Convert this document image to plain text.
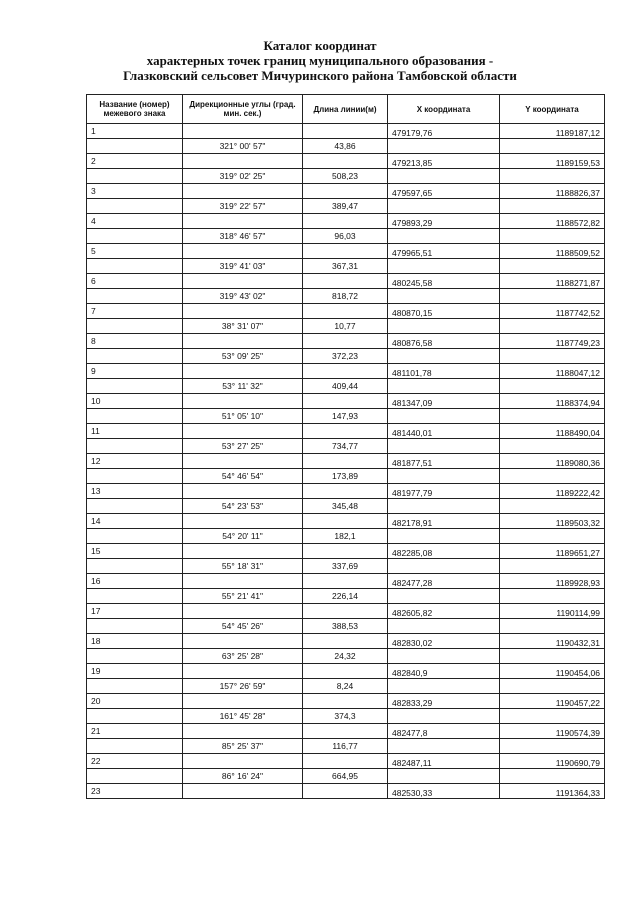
Каталог координат
характерных точек границ муниципального образования -
Глазковский сельсовет Мичуринского района Тамбовской области
Название (номер) межевого знака	Дирекционные углы (град. мин. сек.)	Длина линии(м)	X координата	Y координата
1			479179,76	1189187,12
	321° 00' 57"	43,86		
2			479213,85	1189159,53
	319° 02' 25"	508,23		
3			479597,65	1188826,37
	319° 22' 57"	389,47		
4			479893,29	1188572,82
	318° 46' 57"	96,03		
5			479965,51	1188509,52
	319° 41' 03"	367,31		
6			480245,58	1188271,87
	319° 43' 02"	818,72		
7			480870,15	1187742,52
	38° 31' 07"	10,77		
8			480876,58	1187749,23
	53° 09' 25"	372,23		
9			481101,78	1188047,12
	53° 11' 32"	409,44		
10			481347,09	1188374,94
	51° 05' 10"	147,93		
11			481440,01	1188490,04
	53° 27' 25"	734,77		
12			481877,51	1189080,36
	54° 46' 54"	173,89		
13			481977,79	1189222,42
	54° 23' 53"	345,48		
14			482178,91	1189503,32
	54° 20' 11"	182,1		
15			482285,08	1189651,27
	55° 18' 31"	337,69		
16			482477,28	1189928,93
	55° 21' 41"	226,14		
17			482605,82	1190114,99
	54° 45' 26"	388,53		
18			482830,02	1190432,31
	63° 25' 28"	24,32		
19			482840,9	1190454,06
	157° 26' 59"	8,24		
20			482833,29	1190457,22
	161° 45' 28"	374,3		
21			482477,8	1190574,39
	85° 25' 37"	116,77		
22			482487,11	1190690,79
	86° 16' 24"	664,95		
23			482530,33	1191364,33
